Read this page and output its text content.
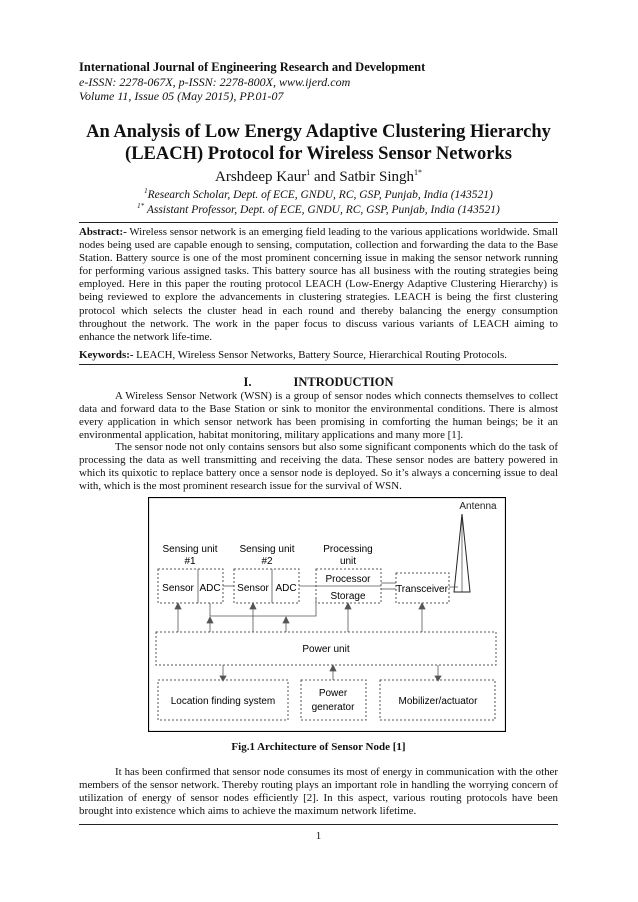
International Journal of Engineering Research and Development
e-ISSN: 2278-067X, p-ISSN: 2278-800X, www.ijerd.com
Volume 11, Issue 05 (May 2015), PP.01-07
An Analysis of Low Energy Adaptive Clustering Hierarchy
(LEACH) Protocol for Wireless Sensor Networks
Arshdeep Kaur$^1$ and Satbir Singh$^{1*}$
$^1$Research Scholar, Dept. of ECE, GNDU, RC, GSP, Punjab, India (143521)
$^{1*}$ Assistant Professor, Dept. of ECE, GNDU, RC, GSP, Punjab, India (143521)
Abstract:- Wireless sensor network is an emerging field leading to the various applications worldwide. Small nodes being used are capable enough to sensing, computation, collection and forwarding the data to the Base Station. Battery source is one of the most prominent concerning issue in making the sensor network running for performing various assigned tasks. This battery source has all business with the routing strategies being employed. Here in this paper the routing protocol LEACH (Low-Energy Adaptive Clustering Hierarchy) is being reviewed to explore the advancements in clustering strategies. LEACH is being the first clustering protocol which selects the cluster head in each round and thereby balancing the energy consumption throughout the network. The work in the paper focus to discuss various variants of LEACH aiming to enhance the network life-time.
Keywords:- LEACH, Wireless Sensor Networks, Battery Source, Hierarchical Routing Protocols.
I.	INTRODUCTION
A Wireless Sensor Network (WSN) is a group of sensor nodes which connects themselves to collect data and forward data to the Base Station or sink to monitor the environmental conditions. There is almost every application in which sensor network has been promising in comforting the human beings; be it an environmental application, habitat monitoring, military applications and many more [1].
The sensor node not only contains sensors but also some significant components which do the task of processing the data as well transmitting and receiving the data. These sensor nodes are battery powered in which its quixotic to replace battery once a sensor node is deployed. So it’s always a concerning issue to deal with, which is the most prominent research issue for the survival of WSN.
Antenna
Sensing unit
#1
Sensing unit
#2
Processing
unit
Sensor ADC Sensor ADC
Processor
Storage
Transceiver
Power unit
Location finding system
Power
generator
Mobilizer/actuator
Fig.1 Architecture of Sensor Node [1]
It has been confirmed that sensor node consumes its most of energy in communication with the other members of the sensor network. Thereby routing plays an important role in handling the worrying concern of utilization of energy of sensor nodes efficiently [2]. In this aspect, various routing protocols have been brought into existence which aims to achieve the maximum network lifetime.
1
